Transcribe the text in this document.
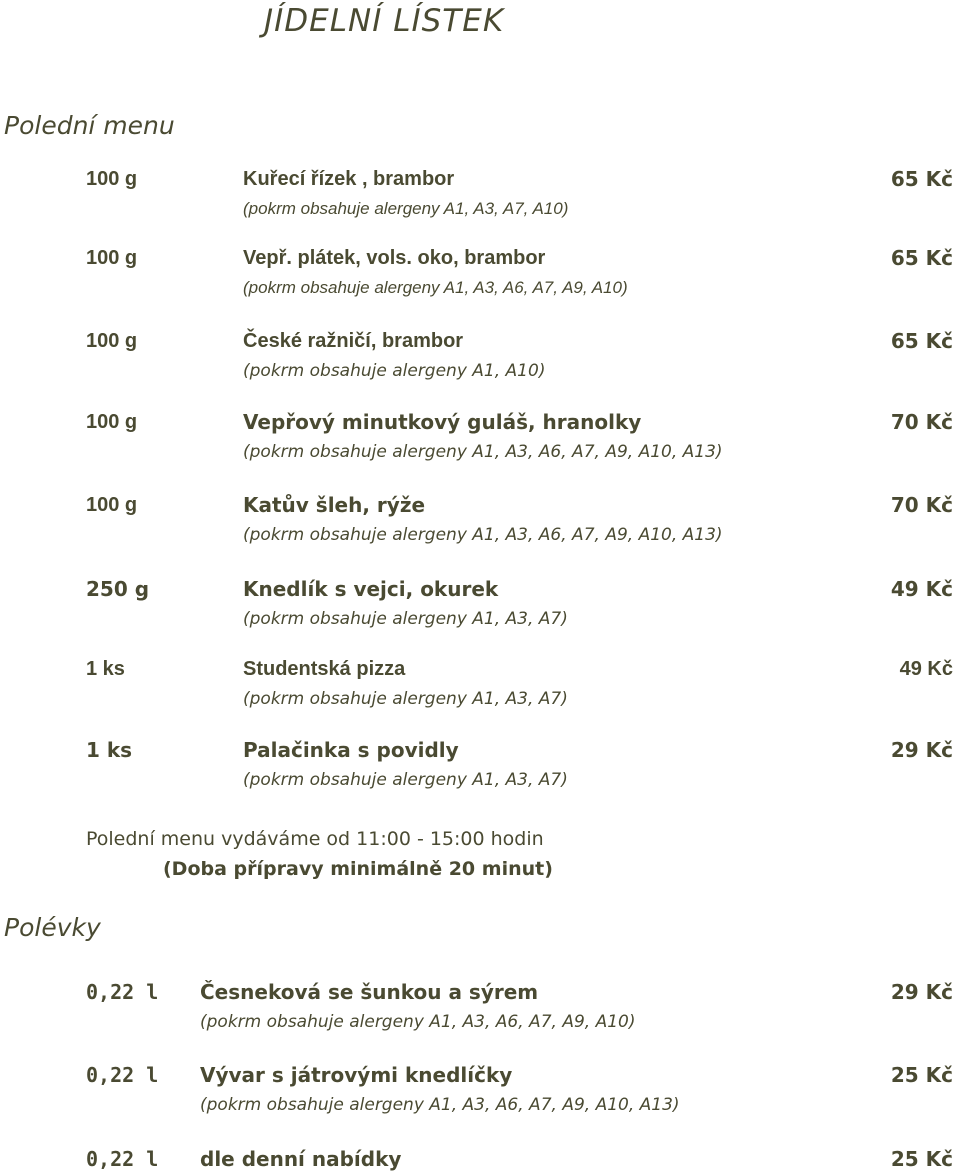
JÍDELNÍ LÍSTEK
Polední menu
100 g	Kuřecí řízek , brambor	65 Kč
(pokrm obsahuje alergeny A1, A3, A7, A10)
100 g	Vepř. plátek, vols. oko, brambor	65 Kč
(pokrm obsahuje alergeny A1, A3, A6, A7, A9, A10)
100 g	České ražničí, brambor	65 Kč
(pokrm obsahuje alergeny A1, A10)
100 g	Vepřový minutkový guláš, hranolky	70 Kč
(pokrm obsahuje alergeny A1, A3, A6, A7, A9, A10, A13)
100 g	Katův šleh, rýže	70 Kč
(pokrm obsahuje alergeny A1, A3, A6, A7, A9, A10, A13)
250 g	Knedlík s vejci, okurek	49 Kč
(pokrm obsahuje alergeny A1, A3, A7)
1 ks	Studentská pizza	49 Kč
(pokrm obsahuje alergeny A1, A3, A7)
1 ks	Palačinka s povidly	29 Kč
(pokrm obsahuje alergeny A1, A3, A7)
Polední menu vydáváme od 11:00 - 15:00 hodin
(Doba přípravy minimálně 20 minut)
Polévky
0,22 l Česneková se šunkou a sýrem	29 Kč
(pokrm obsahuje alergeny A1, A3, A6, A7, A9, A10)
0,22 l Vývar s játrovými knedlíčky	25 Kč
(pokrm obsahuje alergeny A1, A3, A6, A7, A9, A10, A13)
0,22 l dle denní nabídky	25 Kč
